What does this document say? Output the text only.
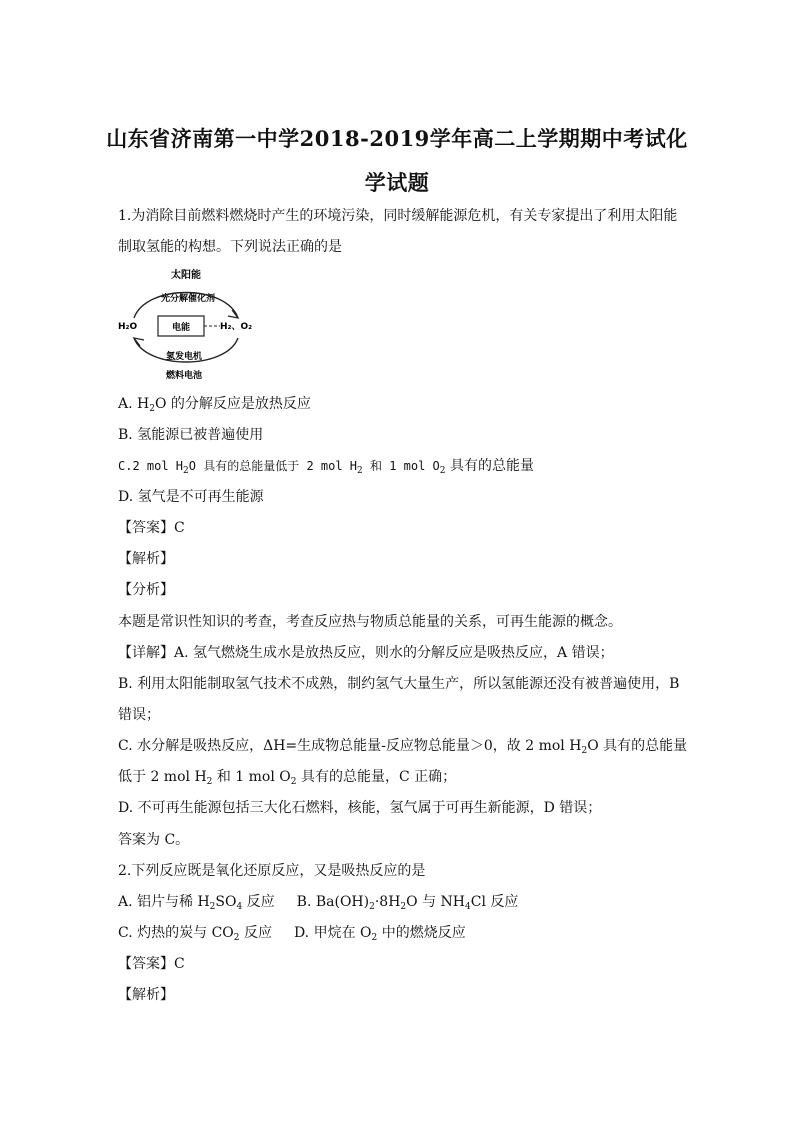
山东省济南第一中学2018-2019学年高二上学期期中考试化
学试题
1.为消除目前燃料燃烧时产生的环境污染，同时缓解能源危机，有关专家提出了利用太阳能
制取氢能的构想。下列说法正确的是
太阳能
光分解催化剂
H₂O	H₂、O₂
电能
氢发电机
燃料电池
A. $H_2O$ 的分解反应是放热反应
B. 氢能源已被普遍使用
C.2 mol $H_2O$ 具有的总能量低于 2 mol $H_2$ 和 1 mol $O_2$ 具有的总能量
D. 氢气是不可再生能源
【答案】C
【解析】
【分析】
本题是常识性知识的考查，考查反应热与物质总能量的关系，可再生能源的概念。
【详解】A. 氢气燃烧生成水是放热反应，则水的分解反应是吸热反应，A 错误；
B. 利用太阳能制取氢气技术不成熟，制约氢气大量生产，所以氢能源还没有被普遍使用，B
错误；
C. 水分解是吸热反应，ΔH=生成物总能量-反应物总能量＞0，故 2 mol $H_2O$ 具有的总能量
低于 2 mol $H_2$ 和 1 mol $O_2$ 具有的总能量，C 正确；
D. 不可再生能源包括三大化石燃料，核能，氢气属于可再生新能源，D 错误；
答案为 C。
2.下列反应既是氧化还原反应，又是吸热反应的是
A. 铝片与稀 $H_2SO_4$ 反应 B. $Ba(OH)_2\cdot 8H_2O$ 与 $NH_4Cl$ 反应
C. 灼热的炭与 $CO_2$ 反应 D. 甲烷在 $O_2$ 中的燃烧反应
【答案】C
【解析】
